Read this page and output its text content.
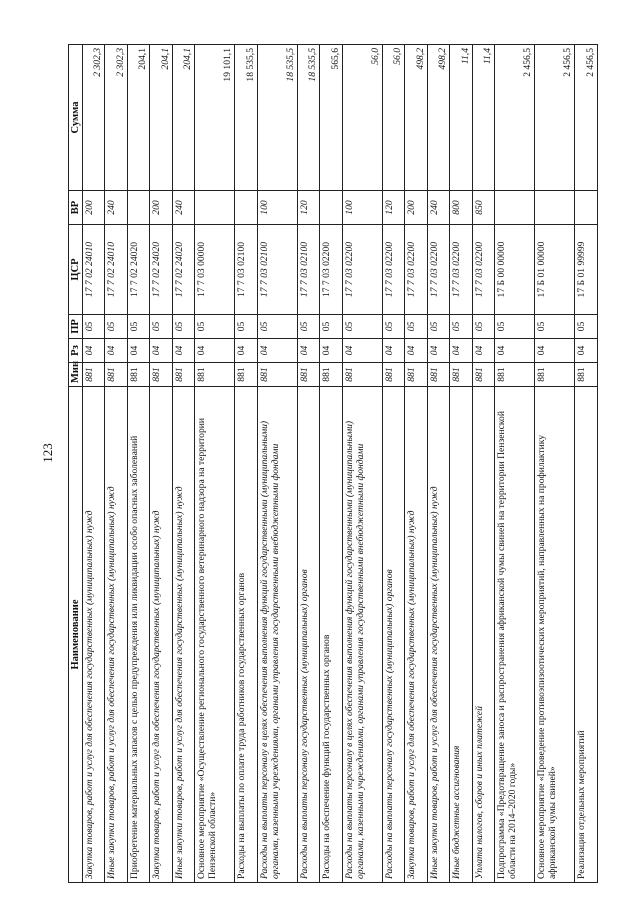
123
Наименование	Мин	Рз	ПР	ЦСР	ВР	Сумма
Закупка товаров, работ и услуг для обеспечения государственных (муниципальных) нужд	881	04	05	17 7 02 24010	200	2 302,3
Иные закупки товаров, работ и услуг для обеспечения государственных (муниципальных) нужд	881	04	05	17 7 02 24010	240	2 302,3
Приобретение материальных запасов с целью предупреждения или ликвидации особо опасных заболеваний	881	04	05	17 7 02 24020		204,1
Закупка товаров, работ и услуг для обеспечения государственных (муниципальных) нужд	881	04	05	17 7 02 24020	200	204,1
Иные закупки товаров, работ и услуг для обеспечения государственных (муниципальных) нужд	881	04	05	17 7 02 24020	240	204,1
Основное мероприятие «Осуществление регионального государственного ветеринарного надзора на территории Пензенской области»	881	04	05	17 7 03 00000		19 101,1
Расходы на выплаты по оплате труда работников государственных органов	881	04	05	17 7 03 02100		18 535,5
Расходы на выплаты персоналу в целях обеспечения выполнения функций государственными (муниципальными) органами, казенными учреждениями, органами управления государственными внебюджетными фондами	881	04	05	17 7 03 02100	100	18 535,5
Расходы на выплаты персоналу государственных (муниципальных) органов	881	04	05	17 7 03 02100	120	18 535,5
Расходы на обеспечение функций государственных органов	881	04	05	17 7 03 02200		565,6
Расходы на выплаты персоналу в целях обеспечения выполнения функций государственными (муниципальными) органами, казенными учреждениями, органами управления государственными внебюджетными фондами	881	04	05	17 7 03 02200	100	56,0
Расходы на выплаты персоналу государственных (муниципальных) органов	881	04	05	17 7 03 02200	120	56,0
Закупка товаров, работ и услуг для обеспечения государственных (муниципальных) нужд	881	04	05	17 7 03 02200	200	498,2
Иные закупки товаров, работ и услуг для обеспечения государственных (муниципальных) нужд	881	04	05	17 7 03 02200	240	498,2
Иные бюджетные ассигнования	881	04	05	17 7 03 02200	800	11,4
Уплата налогов, сборов и иных платежей	881	04	05	17 7 03 02200	850	11,4
Подпрограмма «Предотвращение заноса и распространения африканской чумы свиней на территории Пензенской области на 2014–2020 годы»	881	04	05	17 Б 00 00000		2 456,5
Основное мероприятие «Проведение противоэпизоотических мероприятий, направленных на профилактику африканской чумы свиней»	881	04	05	17 Б 01 00000		2 456,5
Реализация отдельных мероприятий	881	04	05	17 Б 01 99999		2 456,5
